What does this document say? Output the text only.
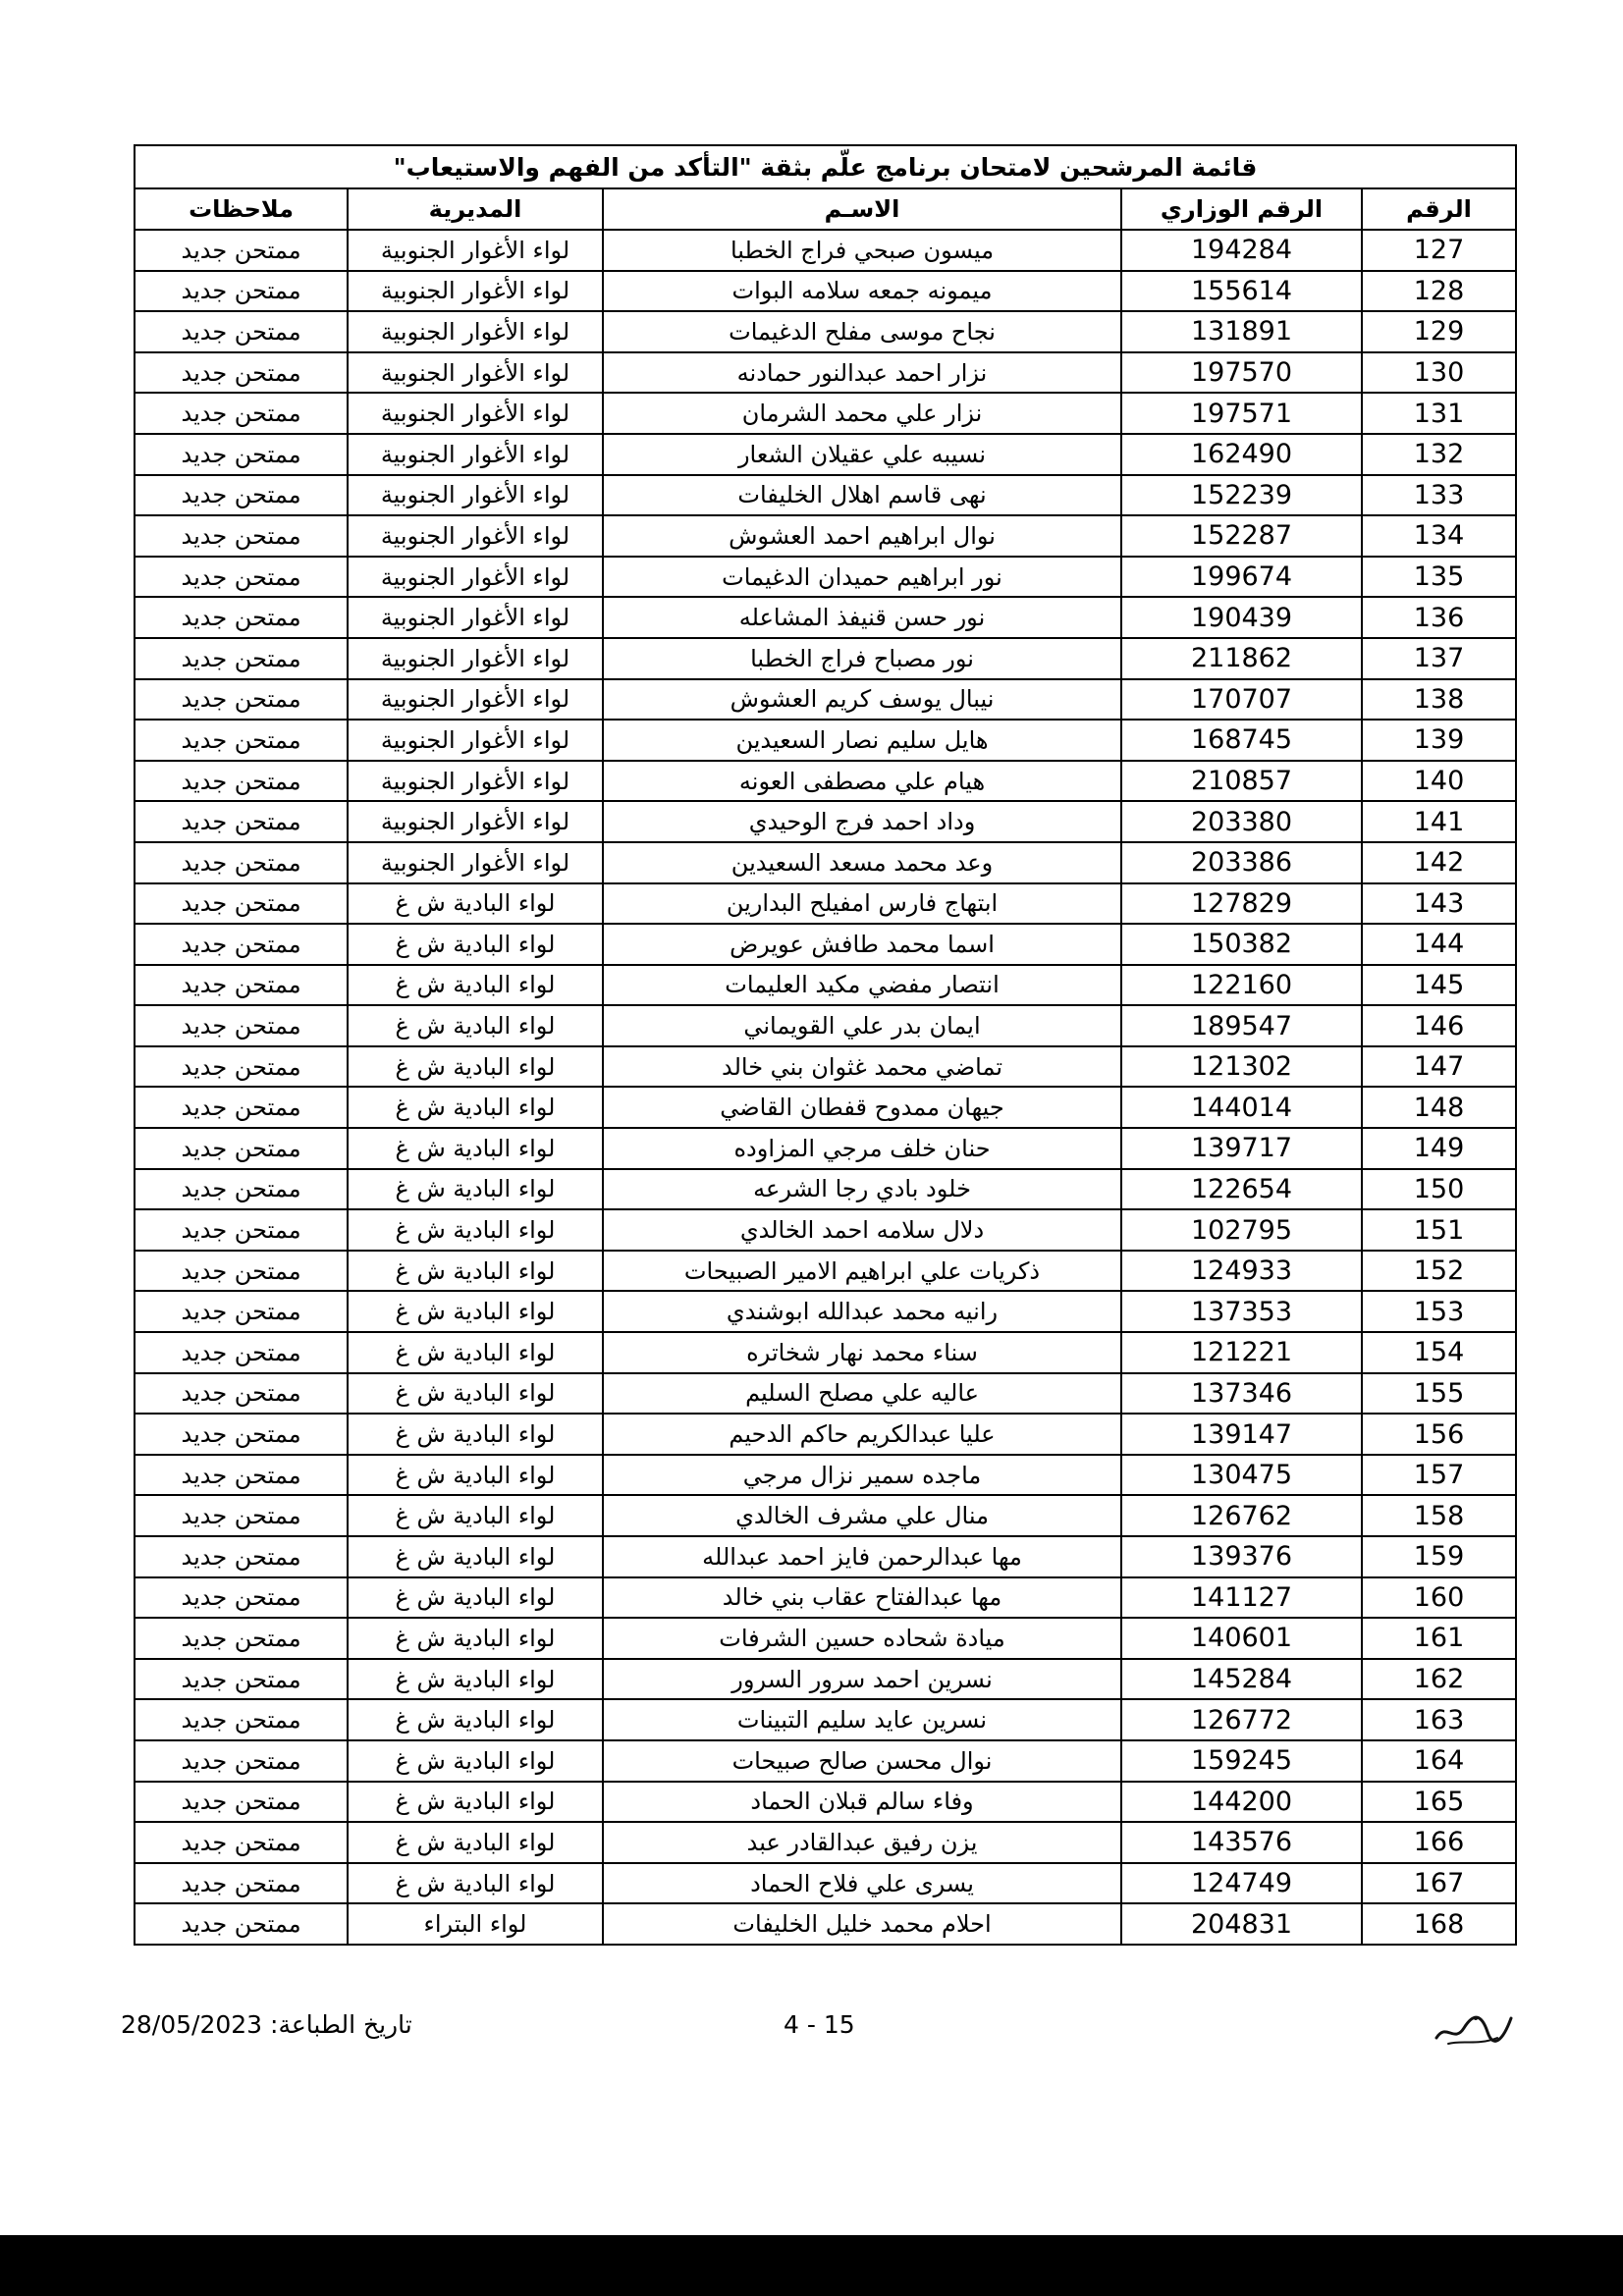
قائمة المرشحين لامتحان برنامج علّم بثقة "التأكد من الفهم والاستيعاب"				
الرقم	الرقم الوزاري	الاسـم	المديرية	ملاحظات
127	194284	ميسون صبحي فراج الخطبا	لواء الأغوار الجنوبية	ممتحن جديد
128	155614	ميمونه جمعه سلامه البوات	لواء الأغوار الجنوبية	ممتحن جديد
129	131891	نجاح موسى مفلح الدغيمات	لواء الأغوار الجنوبية	ممتحن جديد
130	197570	نزار احمد عبدالنور حمادنه	لواء الأغوار الجنوبية	ممتحن جديد
131	197571	نزار علي محمد الشرمان	لواء الأغوار الجنوبية	ممتحن جديد
132	162490	نسيبه علي عقيلان الشعار	لواء الأغوار الجنوبية	ممتحن جديد
133	152239	نهى قاسم اهلال الخليفات	لواء الأغوار الجنوبية	ممتحن جديد
134	152287	نوال ابراهيم احمد العشوش	لواء الأغوار الجنوبية	ممتحن جديد
135	199674	نور ابراهيم حميدان الدغيمات	لواء الأغوار الجنوبية	ممتحن جديد
136	190439	نور حسن قنيفذ المشاعله	لواء الأغوار الجنوبية	ممتحن جديد
137	211862	نور مصباح فراج الخطبا	لواء الأغوار الجنوبية	ممتحن جديد
138	170707	نيبال يوسف كريم العشوش	لواء الأغوار الجنوبية	ممتحن جديد
139	168745	هايل سليم نصار السعيدين	لواء الأغوار الجنوبية	ممتحن جديد
140	210857	هيام علي مصطفى العونه	لواء الأغوار الجنوبية	ممتحن جديد
141	203380	وداد احمد فرج الوحيدي	لواء الأغوار الجنوبية	ممتحن جديد
142	203386	وعد محمد مسعد السعيدين	لواء الأغوار الجنوبية	ممتحن جديد
143	127829	ابتهاج فارس امفيلح البدارين	لواء البادية ش غ	ممتحن جديد
144	150382	اسما محمد طافش عويرض	لواء البادية ش غ	ممتحن جديد
145	122160	انتصار مفضي مكيد العليمات	لواء البادية ش غ	ممتحن جديد
146	189547	ايمان بدر علي القويماني	لواء البادية ش غ	ممتحن جديد
147	121302	تماضي محمد غثوان بني خالد	لواء البادية ش غ	ممتحن جديد
148	144014	جيهان ممدوح قفطان القاضي	لواء البادية ش غ	ممتحن جديد
149	139717	حنان خلف مرجي المزاوده	لواء البادية ش غ	ممتحن جديد
150	122654	خلود بادي رجا الشرعه	لواء البادية ش غ	ممتحن جديد
151	102795	دلال سلامه احمد الخالدي	لواء البادية ش غ	ممتحن جديد
152	124933	ذكريات علي ابراهيم الامير الصبيحات	لواء البادية ش غ	ممتحن جديد
153	137353	رانيه محمد عبدالله ابوشندي	لواء البادية ش غ	ممتحن جديد
154	121221	سناء محمد نهار شخاتره	لواء البادية ش غ	ممتحن جديد
155	137346	عاليه علي مصلح السليم	لواء البادية ش غ	ممتحن جديد
156	139147	عليا عبدالكريم حاكم الدحيم	لواء البادية ش غ	ممتحن جديد
157	130475	ماجده سمير نزال مرجي	لواء البادية ش غ	ممتحن جديد
158	126762	منال علي مشرف الخالدي	لواء البادية ش غ	ممتحن جديد
159	139376	مها عبدالرحمن فايز احمد عبدالله	لواء البادية ش غ	ممتحن جديد
160	141127	مها عبدالفتاح عقاب بني خالد	لواء البادية ش غ	ممتحن جديد
161	140601	ميادة شحاده حسين الشرفات	لواء البادية ش غ	ممتحن جديد
162	145284	نسرين احمد سرور السرور	لواء البادية ش غ	ممتحن جديد
163	126772	نسرين عايد سليم التبينات	لواء البادية ش غ	ممتحن جديد
164	159245	نوال محسن صالح صبيحات	لواء البادية ش غ	ممتحن جديد
165	144200	وفاء سالم قبلان الحماد	لواء البادية ش غ	ممتحن جديد
166	143576	يزن رفيق عبدالقادر عبد	لواء البادية ش غ	ممتحن جديد
167	124749	يسرى علي فلاح الحماد	لواء البادية ش غ	ممتحن جديد
168	204831	احلام محمد خليل الخليفات	لواء البتراء	ممتحن جديد
تاريخ الطباعة: 28/05/2023	4 - 15
